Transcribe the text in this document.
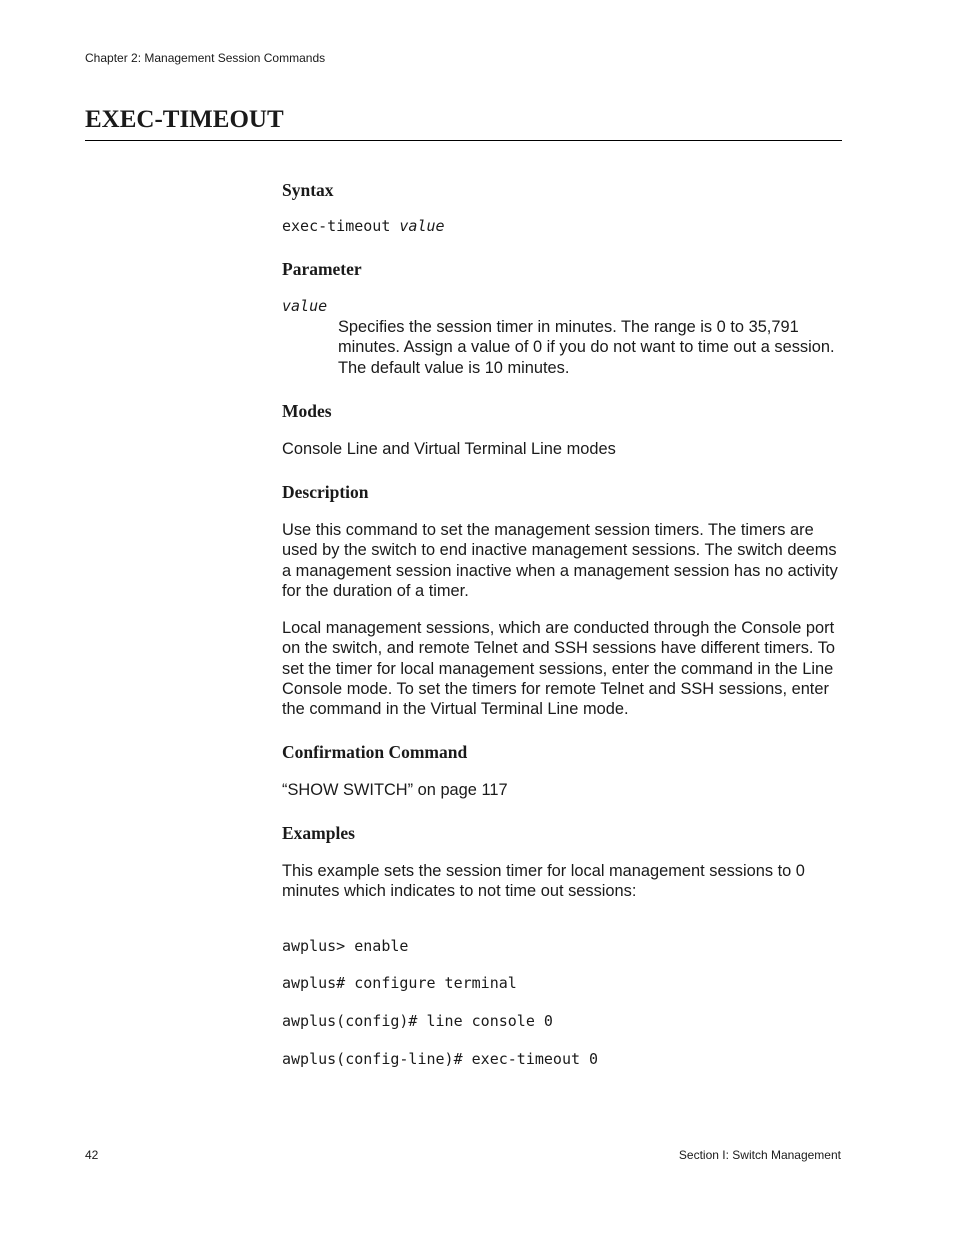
Chapter 2: Management Session Commands
EXEC-TIMEOUT
Syntax
exec-timeout value
Parameter
value

Specifies the session timer in minutes. The range is 0 to 35,791 minutes. Assign a value of 0 if you do not want to time out a session. The default value is 10 minutes.

Modes

Console Line and Virtual Terminal Line modes

Description

Use this command to set the management session timers. The timers are used by the switch to end inactive management sessions. The switch deems a management session inactive when a management session has no activity for the duration of a timer.

Local management sessions, which are conducted through the Console port on the switch, and remote Telnet and SSH sessions have different timers. To set the timer for local management sessions, enter the command in the Line Console mode. To set the timers for remote Telnet and SSH sessions, enter the command in the Virtual Terminal Line mode.

Confirmation Command

“SHOW SWITCH” on page 117

Examples

This example sets the session timer for local management sessions to 0 minutes which indicates to not time out sessions:

awplus> enable

awplus# configure terminal

awplus(config)# line console 0

awplus(config-line)# exec-timeout 0

42	Section I: Switch Management
